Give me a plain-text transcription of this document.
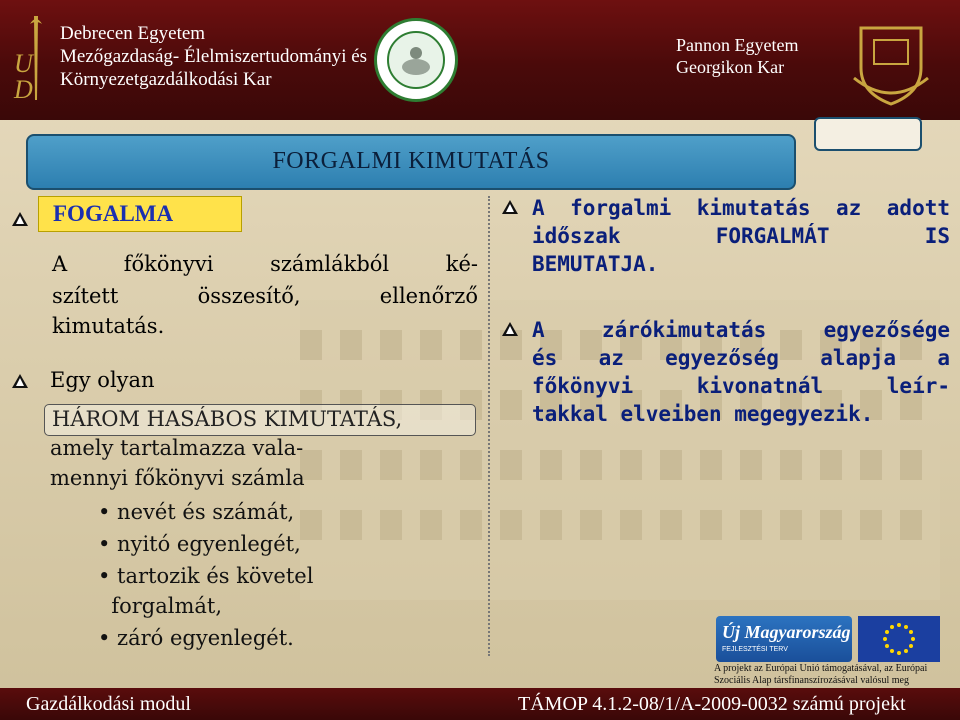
U
D
Debrecen Egyetem
Mezőgazdaság- Élelmiszertudományi és
Környezetgazdálkodási Kar
Pannon Egyetem
Georgikon Kar
FORGALMI KIMUTATÁS
FOGALMA
A	főkönyvi	számlákból	ké-
szített	összesítő,	ellenőrző
kimutatás.
Egy olyan
HÁROM HASÁBOS KIMUTATÁS,
amely tartalmazza vala-
mennyi főkönyvi számla
• nevét és számát,
• nyitó egyenlegét,
• tartozik és követel
forgalmát,
• záró egyenlegét.
A forgalmi kimutatás az adott
időszak	FORGALMÁT	IS
BEMUTATJA.
A	zárókimutatás	egyezősége
és az egyezőség alapja a
főkönyvi	kivonatnál	leír-
takkal elveiben megegyezik.
Új Magyarország
FEJLESZTÉSI TERV
A projekt az Európai Unió támogatásával, az Európai
Szociális Alap társfinanszírozásával valósul meg
Gazdálkodási modul	TÁMOP 4.1.2-08/1/A-2009-0032 számú projekt
